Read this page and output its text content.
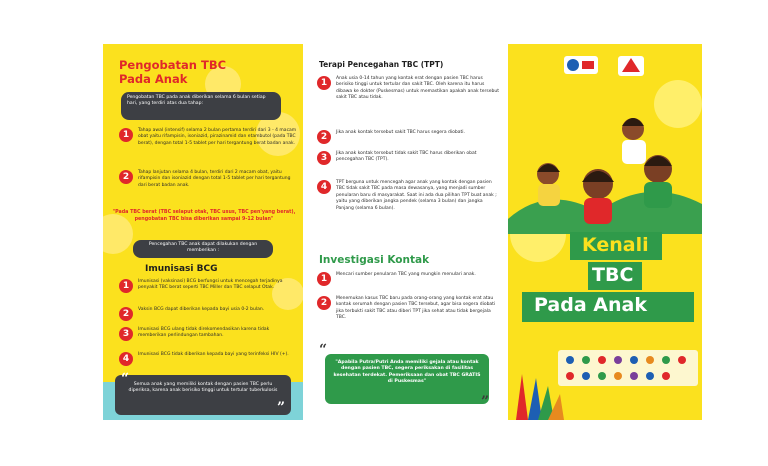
Pengobatan TBC
Pada Anak
Pengobatan TBC pada anak diberikan selama 6 bulan setiap hari, yang terdiri atas dua tahap:
1	Tahap awal (intensif) selama 2 bulan pertama terdiri dari 3 - 4 macam obat yaitu rifampisin, isoniazid, pirazinamid dan etambutol (pada TBC berat), dengan total 1-5 tablet per hari tergantung berat badan anak.
2	Tahap lanjutan selama 4 bulan, terdiri dari 2 macam obat, yaitu rifampisin dan isoniazid dengan total 1-5 tablet per hari tergantung dari berat badan anak.
"Pada TBC berat (TBC selaput otak, TBC usus, TBC pen'yang berat), pengobatan TBC bisa diberikan sampai 9-12 bulan"
Pencegahan TBC anak dapat dilakukan dengan memberikan :
Imunisasi BCG
1	Imunisasi (vaksinasi) BCG berfungsi untuk mencegah terjadinya penyakit TBC berat seperti TBC Miller dan TBC selaput Otak.
2	Vaksin BCG dapat diberikan kepada bayi usia 0-2 bulan.
3	Imunisasi BCG ulang tidak direkomendasikan karena tidak memberikan perlindungan tambahan.
4	Imunisasi BCG tidak diberikan kepada bayi yang terinfeksi HIV (+).
“	Semua anak yang memiliki kontak dengan pasien TBC perlu diperiksa, karena anak berisiko tinggi untuk tertular tuberkulosis
”
Terapi Pencegahan TBC (TPT)
1	Anak usia 0-14 tahun yang kontak erat dengan pasien TBC harus berisiko tinggi untuk tertular dan sakit TBC. Oleh karena itu harus dibawa ke dokter (Puskesmas) untuk memastikan apakah anak tersebut sakit TBC atau tidak.
2	Jika anak kontak tersebut sakit TBC harus segera diobati.
3	Jika anak kontak tersebut tidak sakit TBC harus diberikan obat pencegahan TBC (TPT).
4	TPT berguna untuk mencegah agar anak yang kontak dengan pasien TBC tidak sakit TBC pada masa dewasanya, yang menjadi sumber penularan baru di masyarakat. Saat ini ada dua pilihan TPT buat anak ; yaitu yang diberikan jangka pendek (selama 3 bulan) dan jangka Panjang (selama 6 bulan).
Investigasi Kontak
1	Mencari sumber penularan TBC yang mungkin menulari anak.
2	Menemukan kasus TBC baru pada orang-orang yang kontak erat atau kontak serumah dengan pasien TBC tersebut, agar bisa segera diobati jika terbukti sakit TBC atau diberi TPT jika sehat atau tidak bergejala TBC.
“
"Apabila Putra/Putri Anda memiliki gejala atau kontak dengan pasien TBC, segera periksakan di fasilitas kesehatan terdekat. Pemeriksaan dan obat TBC GRATIS di Puskesmas"
”
Kenali
TBC
Pada Anak
